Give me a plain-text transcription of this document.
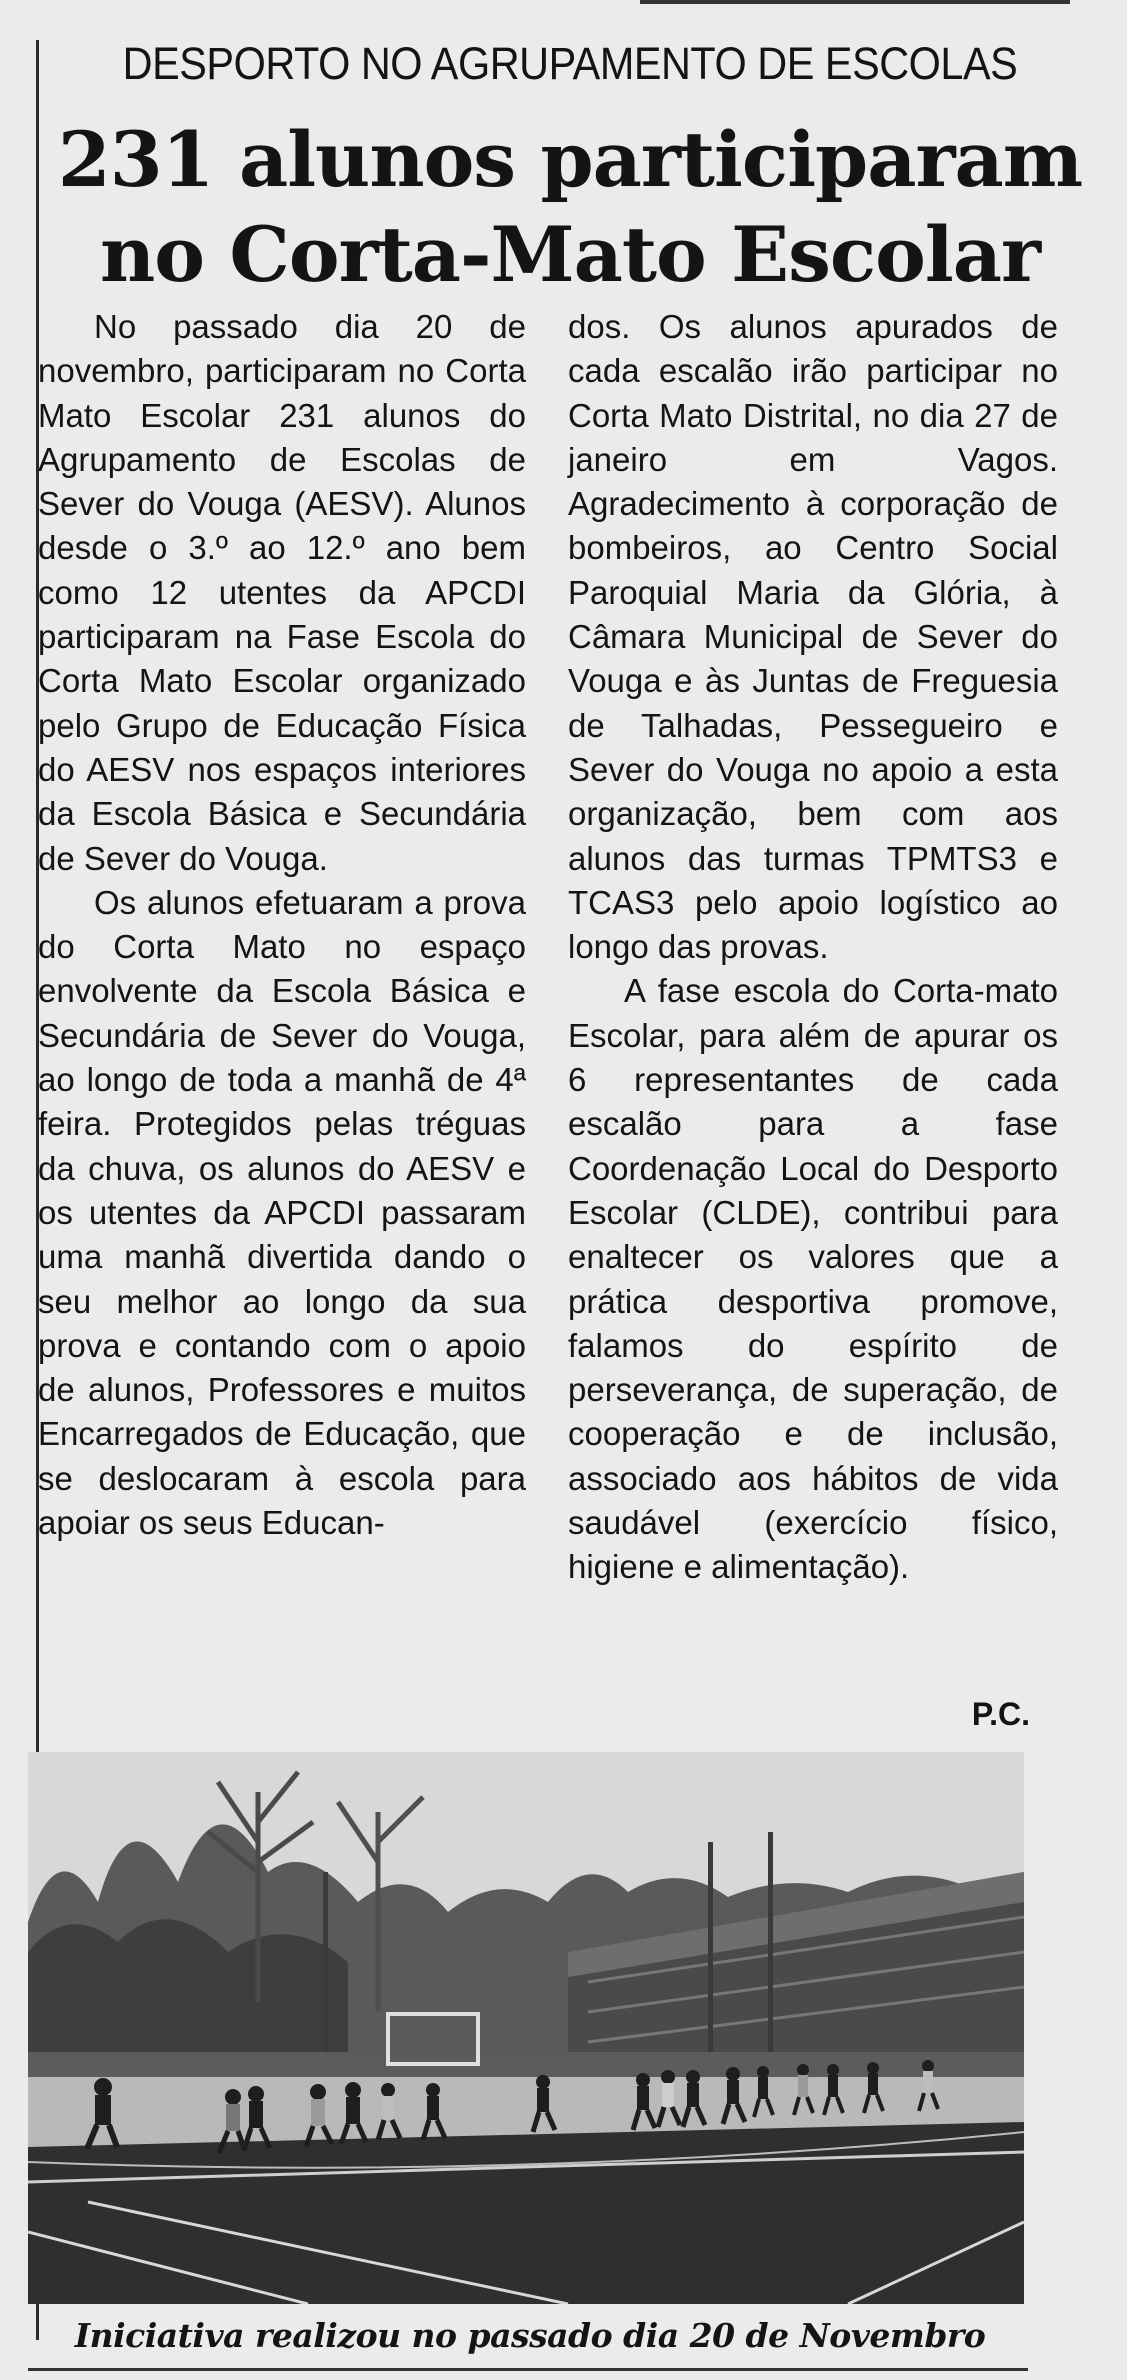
DESPORTO NO AGRUPAMENTO DE ESCOLAS
231 alunos participaram
no Corta-Mato Escolar

No passado dia 20 de novembro, participaram no Corta Mato Escolar 231 alunos do Agrupamento de Escolas de Sever do Vouga (AESV). Alunos desde o 3.º ao 12.º ano bem como 12 utentes da APCDI participaram na Fase Escola do Corta Mato Escolar organizado pelo Grupo de Educação Física do AESV nos espaços interiores da Escola Básica e Secundária de Sever do Vouga.

Os alunos efetuaram a prova do Corta Mato no espaço envolvente da Escola Básica e Secundária de Sever do Vouga, ao longo de toda a manhã de 4ª feira. Protegidos pelas tréguas da chuva, os alunos do AESV e os utentes da APCDI passaram uma manhã divertida dando o seu melhor ao longo da sua prova e contando com o apoio de alunos, Professores e muitos Encarregados de Educação, que se deslocaram à escola para apoiar os seus Educan-

dos. Os alunos apurados de cada escalão irão participar no Corta Mato Distrital, no dia 27 de janeiro em Vagos. Agradecimento à corporação de bombeiros, ao Centro Social Paroquial Maria da Glória, à Câmara Municipal de Sever do Vouga e às Juntas de Freguesia de Talhadas, Pessegueiro e Sever do Vouga no apoio a esta organização, bem com aos alunos das turmas TPMTS3 e TCAS3 pelo apoio logístico ao longo das provas.

A fase escola do Corta-mato Escolar, para além de apurar os 6 representantes de cada escalão para a fase Coordenação Local do Desporto Escolar (CLDE), contribui para enaltecer os valores que a prática desportiva promove, falamos do espírito de perseverança, de superação, de cooperação e de inclusão, associado aos hábitos de vida saudável (exercício físico, higiene e alimentação).

P.C.
Iniciativa realizou no passado dia 20 de Novembro
